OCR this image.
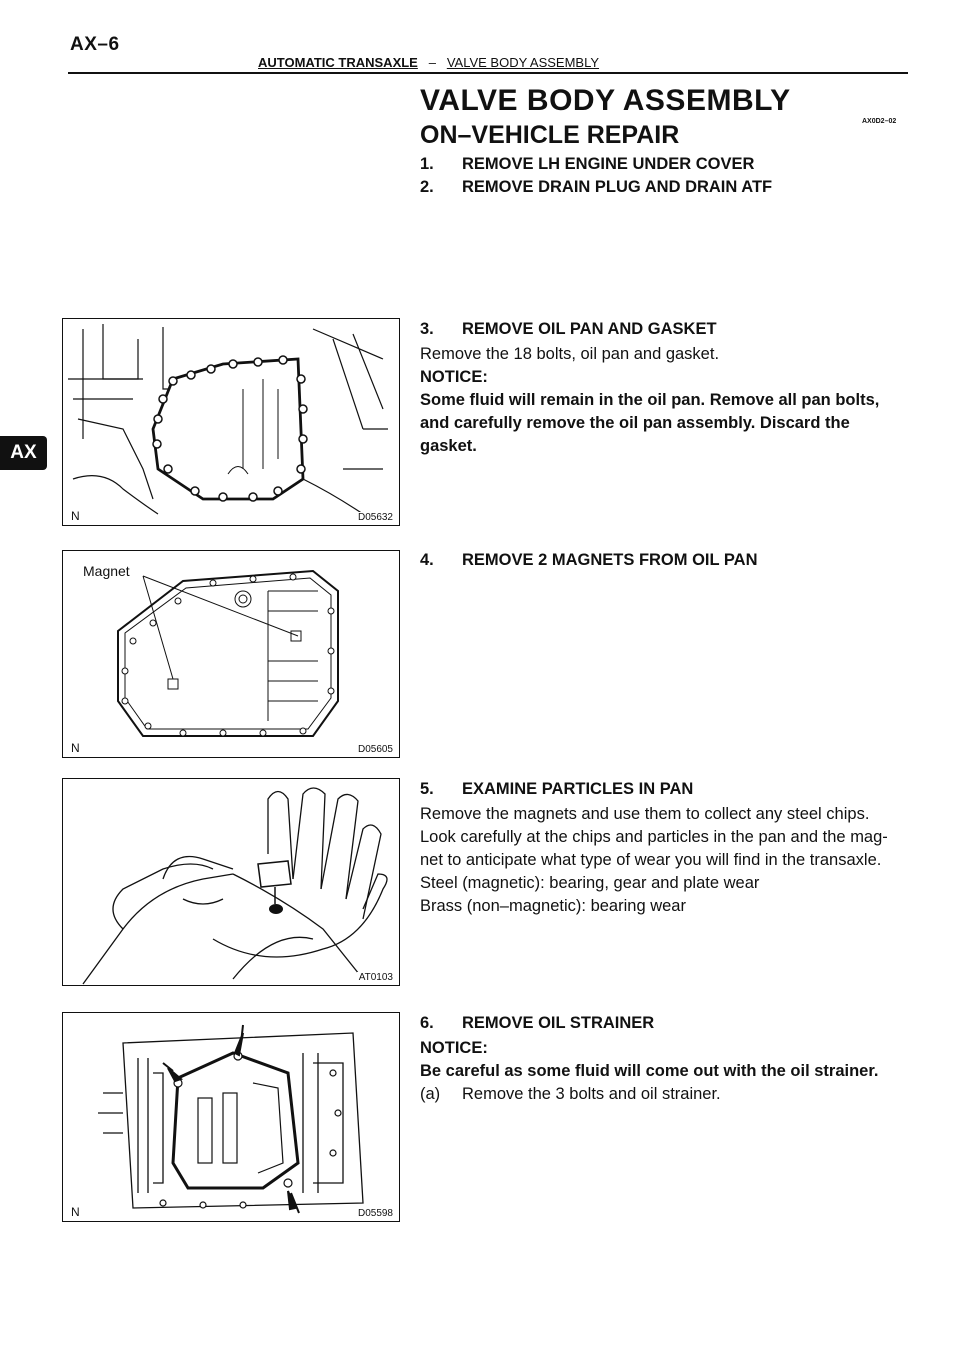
AX–6
AUTOMATIC TRANSAXLE – VALVE BODY ASSEMBLY
AX
VALVE BODY ASSEMBLY
ON–VEHICLE REPAIR	AX0D2–02
1. REMOVE LH ENGINE UNDER COVER
2. REMOVE DRAIN PLUG AND DRAIN ATF
3. REMOVE OIL PAN AND GASKET
Remove the 18 bolts, oil pan and gasket.
NOTICE:
Some fluid will remain in the oil pan. Remove all pan bolts,
and carefully remove the oil pan assembly. Discard the
gasket.
4. REMOVE 2 MAGNETS FROM OIL PAN
5. EXAMINE PARTICLES IN PAN
Remove the magnets and use them to collect any steel chips.
Look carefully at the chips and particles in the pan and the mag-
net to anticipate what type of wear you will find in the transaxle.
Steel (magnetic): bearing, gear and plate wear
Brass (non–magnetic): bearing wear
6. REMOVE OIL STRAINER
NOTICE:
Be careful as some fluid will come out with the oil strainer.
(a) Remove the 3 bolts and oil strainer.
N	D05632
Magnet
N	D05605
AT0103
N	D05598
